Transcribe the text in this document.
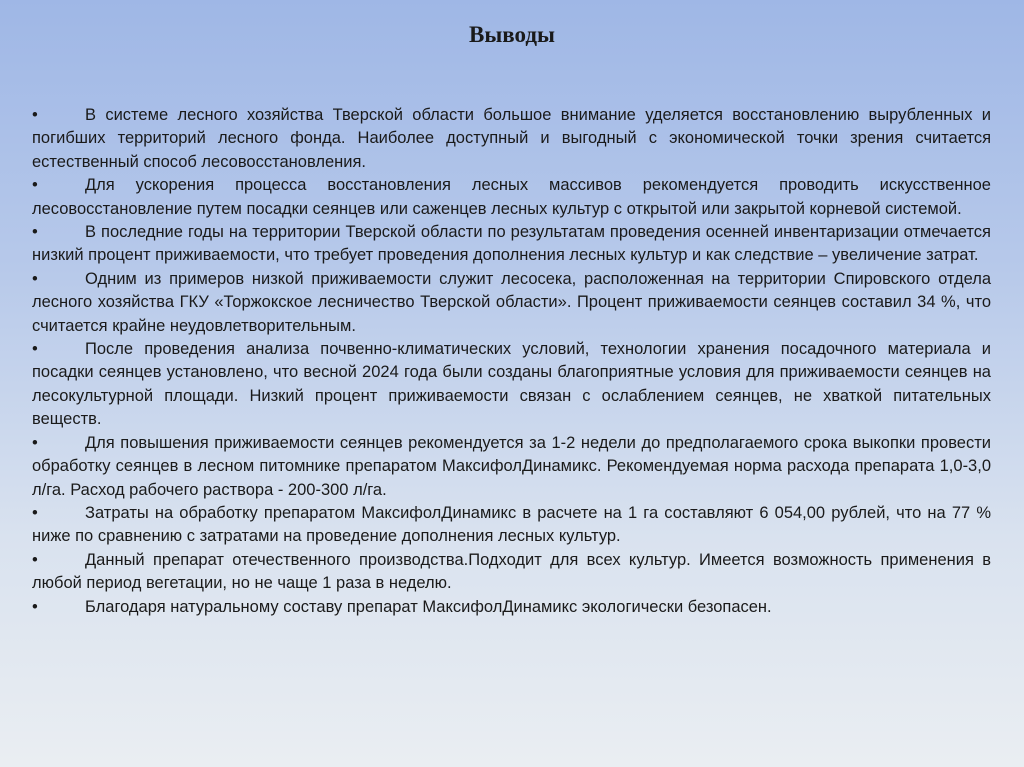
Выводы
•	В системе лесного хозяйства Тверской области большое внимание уделяется восстановлению вырубленных и погибших территорий лесного фонда. Наиболее доступный и выгодный с экономической точки зрения считается естественный способ лесовосстановления.
•	Для ускорения процесса восстановления лесных массивов рекомендуется проводить искусственное лесовосстановление путем посадки сеянцев или саженцев лесных культур с открытой или закрытой корневой системой.
•	В последние годы на территории Тверской области по результатам проведения осенней инвентаризации отмечается низкий процент приживаемости, что требует проведения дополнения лесных культур и как следствие – увеличение затрат.
•	Одним из примеров низкой приживаемости служит лесосека, расположенная на территории Спировского отдела лесного хозяйства ГКУ «Торжокское лесничество Тверской области». Процент приживаемости сеянцев составил 34 %, что считается крайне неудовлетворительным.
•	После проведения анализа почвенно-климатических условий, технологии хранения посадочного материала и посадки сеянцев установлено, что весной 2024 года были созданы благоприятные условия для приживаемости сеянцев на лесокультурной площади. Низкий процент приживаемости связан с ослаблением сеянцев, не хваткой питательных веществ.
•	Для повышения приживаемости сеянцев рекомендуется за 1-2 недели до предполагаемого срока выкопки провести обработку сеянцев в лесном питомнике препаратом МаксифолДинамикс. Рекомендуемая норма расхода препарата 1,0-3,0 л/га. Расход рабочего раствора - 200-300 л/га.
•	Затраты на обработку препаратом МаксифолДинамикс в расчете на 1 га составляют 6 054,00 рублей, что на 77 % ниже по сравнению с затратами на проведение дополнения лесных культур.
•	Данный препарат отечественного производства.Подходит для всех культур. Имеется возможность применения в любой период вегетации, но не чаще 1 раза в неделю.
•	Благодаря натуральному составу препарат МаксифолДинамикс экологически безопасен.
